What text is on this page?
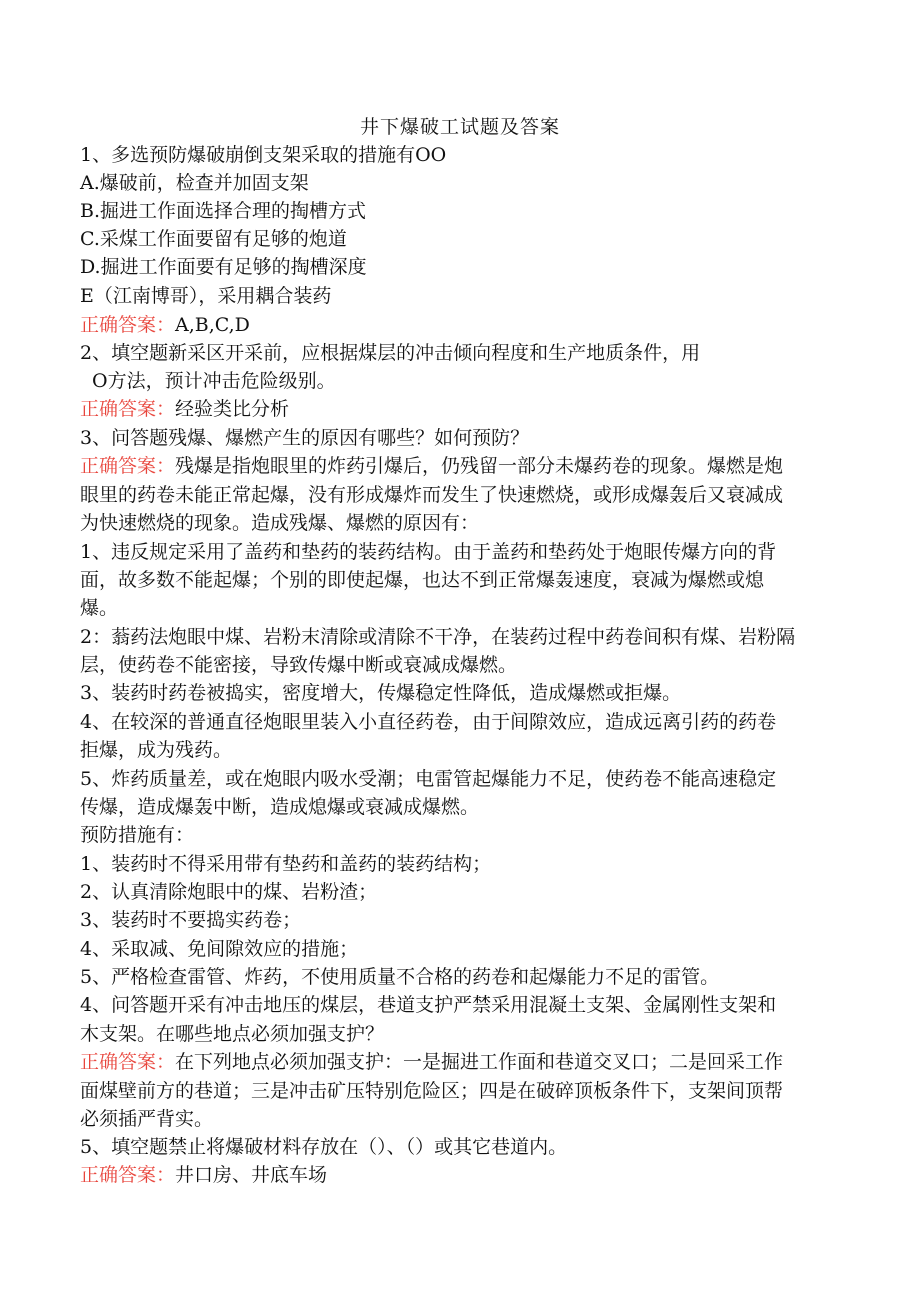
井下爆破工试题及答案
1、多选预防爆破崩倒支架采取的措施有OO
A.爆破前，检查并加固支架
B.掘进工作面选择合理的掏槽方式
C.采煤工作面要留有足够的炮道
D.掘进工作面要有足够的掏槽深度
E（江南博哥），采用耦合装药
正确答案：A,B,C,D
2、填空题新采区开采前，应根据煤层的冲击倾向程度和生产地质条件，用
O方法，预计冲击危险级别。
正确答案：经验类比分析
3、问答题残爆、爆燃产生的原因有哪些？如何预防？
正确答案：残爆是指炮眼里的炸药引爆后，仍残留一部分未爆药卷的现象。爆燃是炮
眼里的药卷未能正常起爆，没有形成爆炸而发生了快速燃烧，或形成爆轰后又衰减成
为快速燃烧的现象。造成残爆、爆燃的原因有：
1、违反规定采用了盖药和垫药的装药结构。由于盖药和垫药处于炮眼传爆方向的背
面，故多数不能起爆；个别的即使起爆，也达不到正常爆轰速度，衰减为爆燃或熄
爆。
2：蓊药法炮眼中煤、岩粉末清除或清除不干净，在装药过程中药卷间积有煤、岩粉隔
层，使药卷不能密接，导致传爆中断或衰减成爆燃。
3、装药时药卷被捣实，密度增大，传爆稳定性降低，造成爆燃或拒爆。
4、在较深的普通直径炮眼里装入小直径药卷，由于间隙效应，造成远离引药的药卷
拒爆，成为残药。
5、炸药质量差，或在炮眼内吸水受潮；电雷管起爆能力不足，使药卷不能高速稳定
传爆，造成爆轰中断，造成熄爆或衰减成爆燃。
预防措施有：
1、装药时不得采用带有垫药和盖药的装药结构；
2、认真清除炮眼中的煤、岩粉渣；
3、装药时不要捣实药卷；
4、采取减、免间隙效应的措施；
5、严格检查雷管、炸药，不使用质量不合格的药卷和起爆能力不足的雷管。
4、问答题开采有冲击地压的煤层，巷道支护严禁采用混凝土支架、金属刚性支架和
木支架。在哪些地点必须加强支护？
正确答案：在下列地点必须加强支护：一是掘进工作面和巷道交叉口；二是回采工作
面煤壁前方的巷道；三是冲击矿压特别危险区；四是在破碎顶板条件下，支架间顶帮
必须插严背实。
5、填空题禁止将爆破材料存放在（）、（）或其它巷道内。
正确答案：井口房、井底车场
